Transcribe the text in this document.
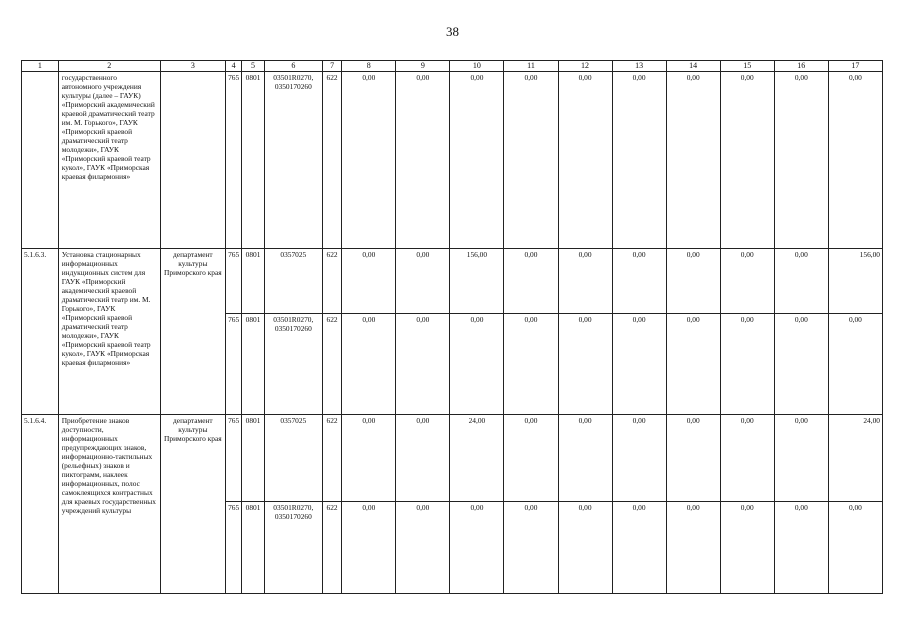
38
1	2	3	4	5	6	7	8	9	10	11	12	13	14	15	16	17
	государственного автономного учреждения культуры (далее – ГАУК) «Приморский академический краевой драматический театр им. М. Горького», ГАУК «Приморский краевой драматический театр молодежи», ГАУК «Приморский краевой театр кукол», ГАУК «Приморская краевая филармония»		765	0801	03501R0270, 0350170260	622	0,00	0,00	0,00	0,00	0,00	0,00	0,00	0,00	0,00	0,00
5.1.6.3.	Установка стационарных информационных индукционных систем для ГАУК «Приморский академический краевой драматический театр им. М. Горького», ГАУК «Приморский краевой драматический театр молодежи», ГАУК «Приморский краевой театр кукол», ГАУК «Приморская краевая филармония»	департамент культуры Приморского края	765	0801	0357025	622	0,00	0,00	156,00	0,00	0,00	0,00	0,00	0,00	0,00	156,00
			765	0801	03501R0270, 0350170260	622	0,00	0,00	0,00	0,00	0,00	0,00	0,00	0,00	0,00	0,00
5.1.6.4.	Приобретение знаков доступности, информационных предупреждающих знаков, информационно-тактильных (рельефных) знаков и пиктограмм, наклеек информационных, полос самоклеящихся контрастных для краевых государственных учреждений культуры	департамент культуры Приморского края	765	0801	0357025	622	0,00	0,00	24,00	0,00	0,00	0,00	0,00	0,00	0,00	24,00
			765	0801	03501R0270, 0350170260	622	0,00	0,00	0,00	0,00	0,00	0,00	0,00	0,00	0,00	0,00
